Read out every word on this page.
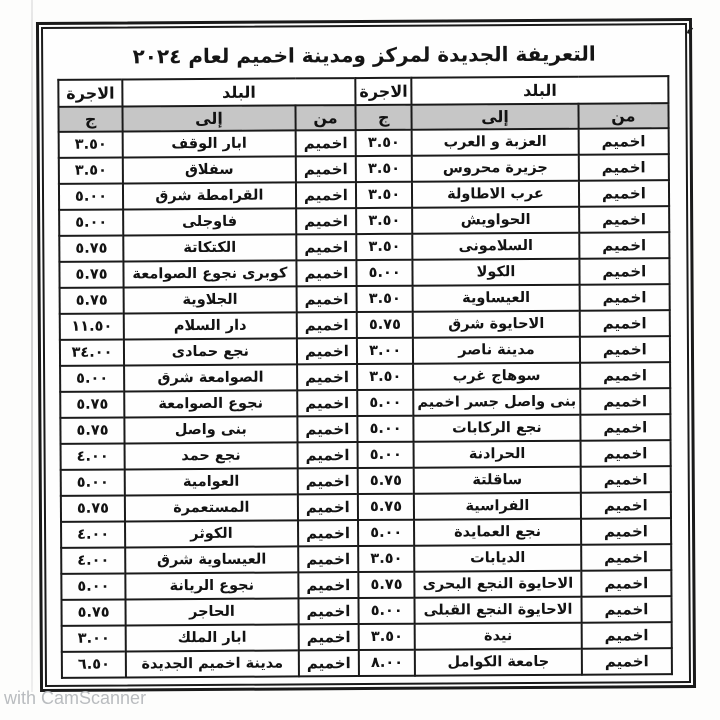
،
التعريفة الجديدة لمركز ومدينة اخميم لعام ٢٠٢٤
البلد		الاجرة	البلد		الاجرة
من	إلى	ج	من	إلى	ج
اخميم	العزبة و العرب	٣.٥٠	اخميم	ابار الوقف	٣.٥٠
اخميم	جزيرة محروس	٣.٥٠	اخميم	سفلاق	٣.٥٠
اخميم	عرب الاطاولة	٣.٥٠	اخميم	القرامطة شرق	٥.٠٠
اخميم	الحواويش	٣.٥٠	اخميم	فاوجلى	٥.٠٠
اخميم	السلامونى	٣.٥٠	اخميم	الكتكاتة	٥.٧٥
اخميم	الكولا	٥.٠٠	اخميم	كوبرى نجوع الصوامعة	٥.٧٥
اخميم	العيساوية	٣.٥٠	اخميم	الجلاوية	٥.٧٥
اخميم	الاحايوة شرق	٥.٧٥	اخميم	دار السلام	١١.٥٠
اخميم	مدينة ناصر	٣.٠٠	اخميم	نجع حمادى	٣٤.٠٠
اخميم	سوهاج غرب	٣.٥٠	اخميم	الصوامعة شرق	٥.٠٠
اخميم	بنى واصل جسر اخميم	٥.٠٠	اخميم	نجوع الصوامعة	٥.٧٥
اخميم	نجع الركابات	٥.٠٠	اخميم	بنى واصل	٥.٧٥
اخميم	الحرادنة	٥.٠٠	اخميم	نجع حمد	٤.٠٠
اخميم	ساقلتة	٥.٧٥	اخميم	العوامية	٥.٠٠
اخميم	الفراسية	٥.٧٥	اخميم	المستعمرة	٥.٧٥
اخميم	نجع العمايدة	٥.٠٠	اخميم	الكوثر	٤.٠٠
اخميم	الديابات	٣.٥٠	اخميم	العيساوية شرق	٤.٠٠
اخميم	الاحايوة النجع البحرى	٥.٧٥	اخميم	نجوع الريانة	٥.٠٠
اخميم	الاحايوة النجع القبلى	٥.٠٠	اخميم	الحاجر	٥.٧٥
اخميم	نيدة	٣.٥٠	اخميم	ابار الملك	٣.٠٠
اخميم	جامعة الكوامل	٨.٠٠	اخميم	مدينة اخميم الجديدة	٦.٥٠
with CamScanner
